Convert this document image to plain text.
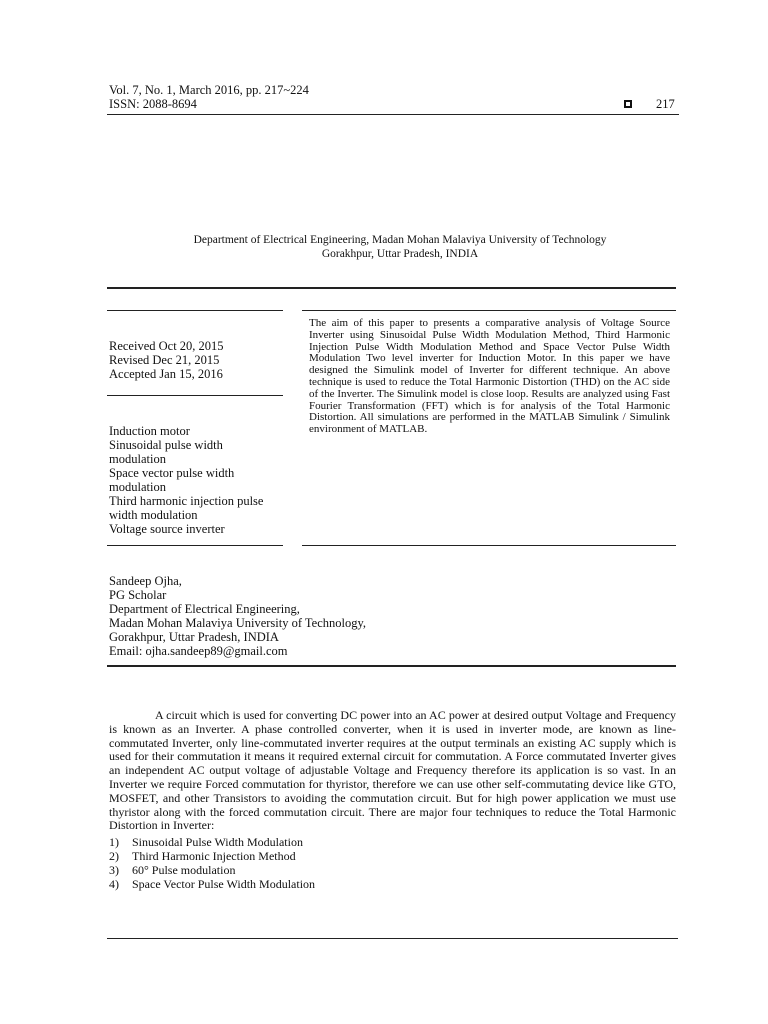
Vol. 7, No. 1, March 2016, pp. 217~224
ISSN: 2088-8694	217
Department of Electrical Engineering, Madan Mohan Malaviya University of Technology
Gorakhpur, Uttar Pradesh, INDIA
Received Oct 20, 2015
Revised Dec 21, 2015
Accepted Jan 15, 2016
Induction motor
Sinusoidal pulse width
modulation
Space vector pulse width
modulation
Third harmonic injection pulse
width modulation
Voltage source inverter
The aim of this paper to presents a comparative analysis of Voltage Source Inverter using Sinusoidal Pulse Width Modulation Method, Third Harmonic Injection Pulse Width Modulation Method and Space Vector Pulse Width Modulation Two level inverter for Induction Motor. In this paper we have designed the Simulink model of Inverter for different technique. An above technique is used to reduce the Total Harmonic Distortion (THD) on the AC side of the Inverter. The Simulink model is close loop. Results are analyzed using Fast Fourier Transformation (FFT) which is for analysis of the Total Harmonic Distortion. All simulations are performed in the MATLAB Simulink / Simulink environment of MATLAB.
Sandeep Ojha,
PG Scholar
Department of Electrical Engineering,
Madan Mohan Malaviya University of Technology,
Gorakhpur, Uttar Pradesh, INDIA
Email: ojha.sandeep89@gmail.com
A circuit which is used for converting DC power into an AC power at desired output Voltage and Frequency is known as an Inverter. A phase controlled converter, when it is used in inverter mode, are known as line-commutated Inverter, only line-commutated inverter requires at the output terminals an existing AC supply which is used for their commutation it means it required external circuit for commutation. A Force commutated Inverter gives an independent AC output voltage of adjustable Voltage and Frequency therefore its application is so vast. In an Inverter we require Forced commutation for thyristor, therefore we can use other self-commutating device like GTO, MOSFET, and other Transistors to avoiding the commutation circuit. But for high power application we must use thyristor along with the forced commutation circuit. There are major four techniques to reduce the Total Harmonic Distortion in Inverter:
1)	Sinusoidal Pulse Width Modulation
2)	Third Harmonic Injection Method
3)	60° Pulse modulation
4)	Space Vector Pulse Width Modulation
